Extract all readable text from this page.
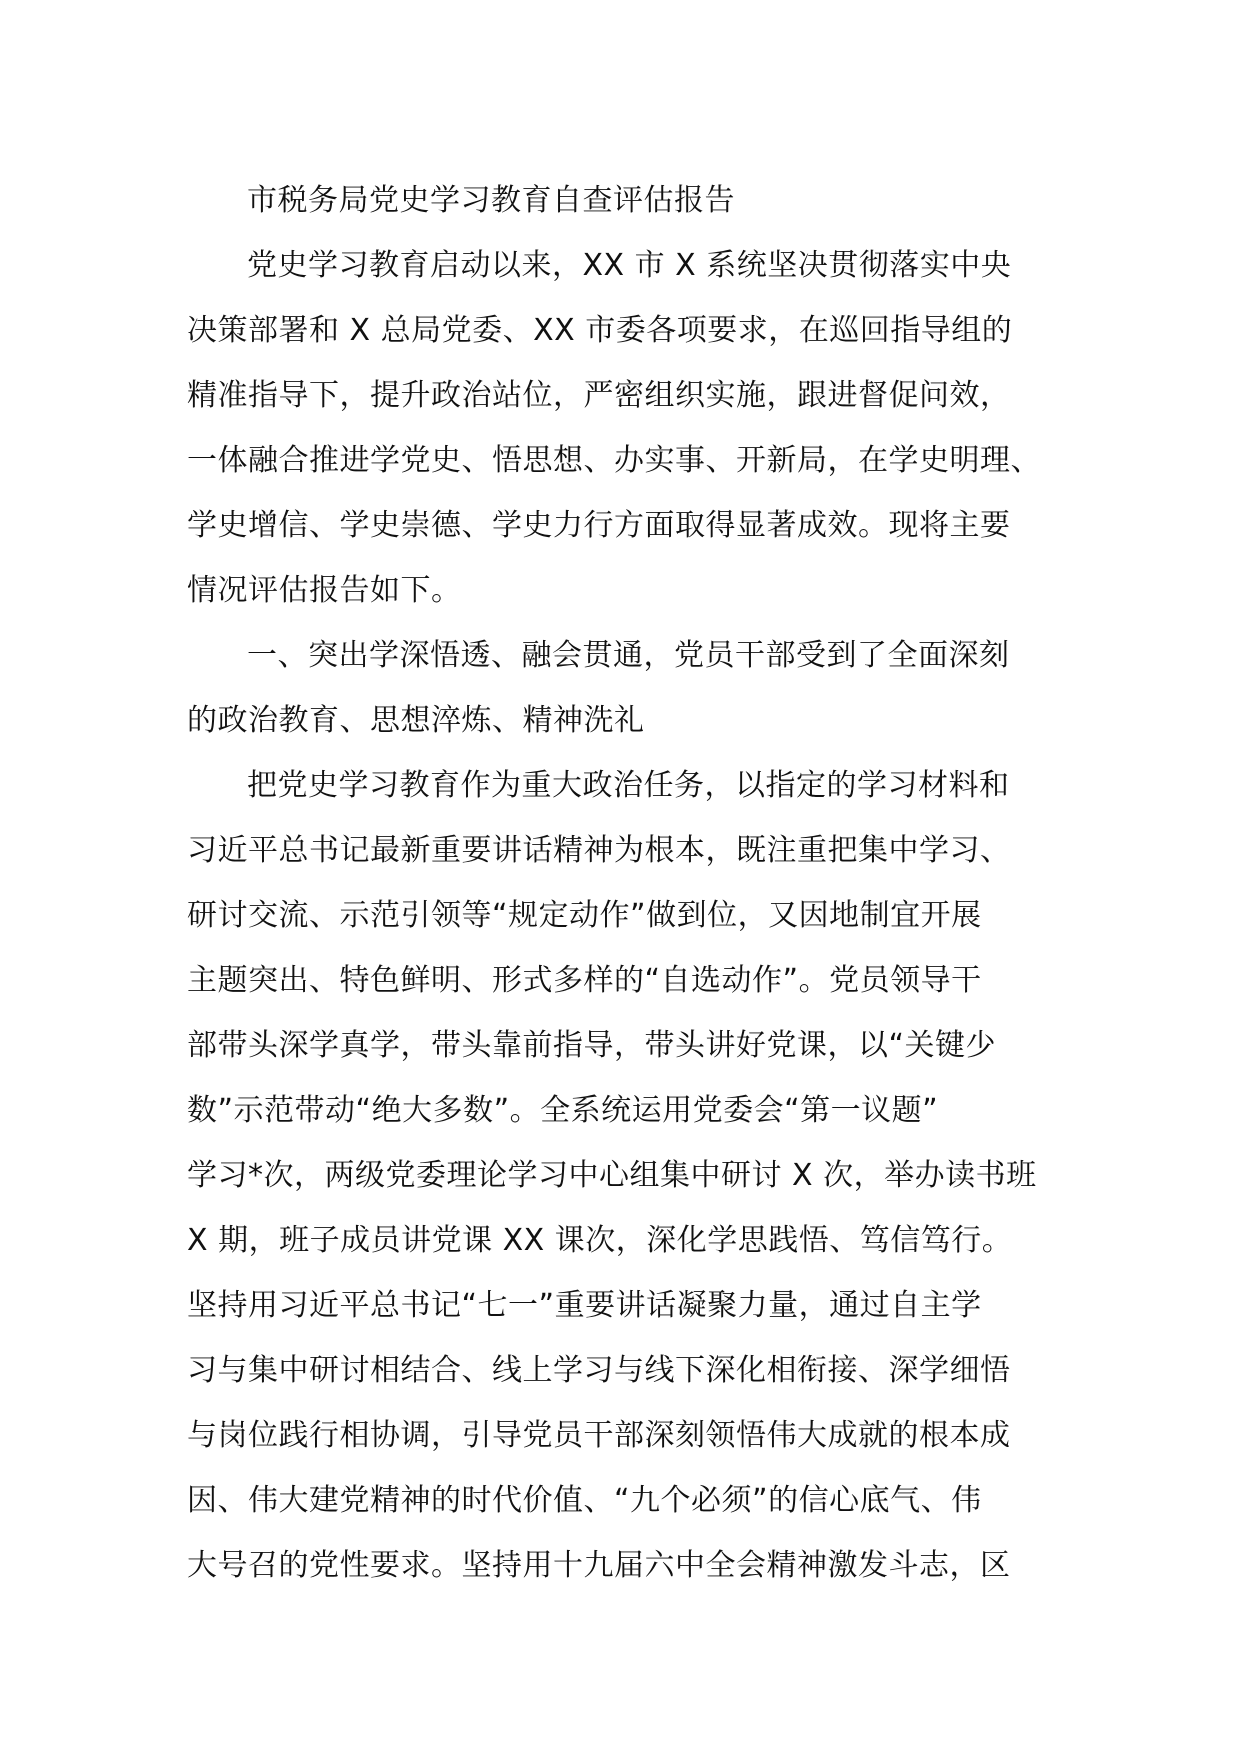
市税务局党史学习教育自查评估报告
党史学习教育启动以来，XX 市 X 系统坚决贯彻落实中央
决策部署和 X 总局党委、XX 市委各项要求，在巡回指导组的
精准指导下，提升政治站位，严密组织实施，跟进督促问效，
一体融合推进学党史、悟思想、办实事、开新局，在学史明理、
学史增信、学史崇德、学史力行方面取得显著成效。现将主要
情况评估报告如下。
一、突出学深悟透、融会贯通，党员干部受到了全面深刻
的政治教育、思想淬炼、精神洗礼
把党史学习教育作为重大政治任务，以指定的学习材料和
习近平总书记最新重要讲话精神为根本，既注重把集中学习、
研讨交流、示范引领等“规定动作”做到位，又因地制宜开展
主题突出、特色鲜明、形式多样的“自选动作”。党员领导干
部带头深学真学，带头靠前指导，带头讲好党课，以“关键少
数”示范带动“绝大多数”。全系统运用党委会“第一议题”
学习*次，两级党委理论学习中心组集中研讨 X 次，举办读书班
X 期，班子成员讲党课 XX 课次，深化学思践悟、笃信笃行。
坚持用习近平总书记“七一”重要讲话凝聚力量，通过自主学
习与集中研讨相结合、线上学习与线下深化相衔接、深学细悟
与岗位践行相协调，引导党员干部深刻领悟伟大成就的根本成
因、伟大建党精神的时代价值、“九个必须”的信心底气、伟
大号召的党性要求。坚持用十九届六中全会精神激发斗志，区
